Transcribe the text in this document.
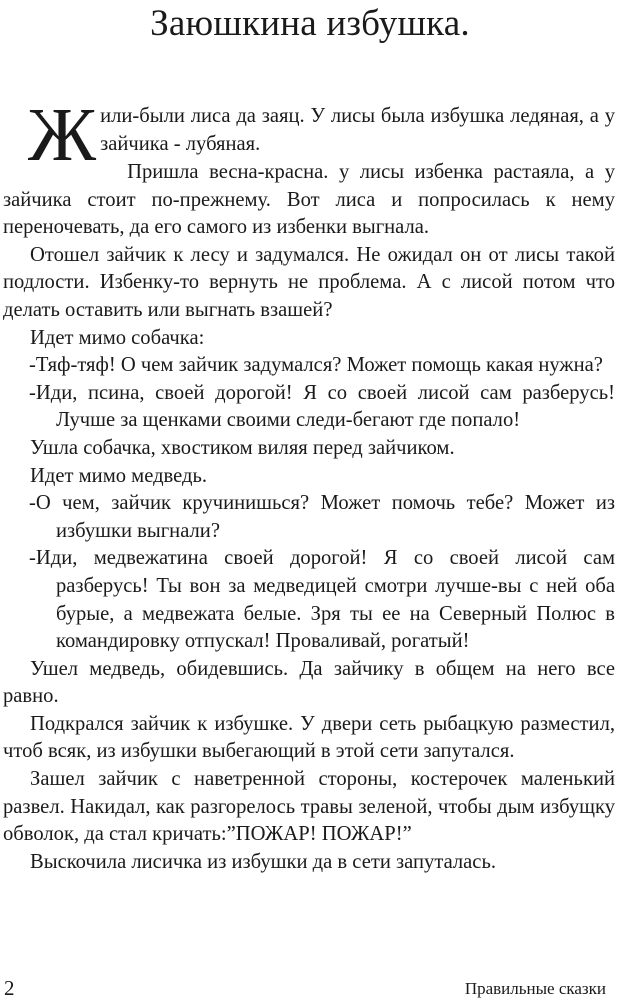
Заюшкина избушка.

Жили-были лиса да заяц. У лисы была избушка ледяная, а у зайчика - лубяная.

Пришла весна-красна. у лисы избенка растаяла, а у зайчика стоит по-прежнему. Вот лиса и попросилась к нему переночевать, да его самого из избенки выгнала.

Отошел зайчик к лесу и задумался. Не ожидал он от лисы такой подлости. Избенку-то вернуть не проблема. А с лисой потом что делать оставить или выгнать взашей?

Идет мимо собачка:

-Тяф-тяф! О чем зайчик задумался? Может помощь какая нужна?

-Иди, псина, своей дорогой! Я со своей лисой сам разберусь! Лучше за щенками своими следи-бегают где попало!

Ушла собачка, хвостиком виляя перед зайчиком.

Идет мимо медведь.

-О чем, зайчик кручинишься? Может помочь тебе? Может из избушки выгнали?

-Иди, медвежатина своей дорогой! Я со своей лисой сам разберусь! Ты вон за медведицей смотри лучше-вы с ней оба бурые, а медвежата белые. Зря ты ее на Северный Полюс в командировку отпускал! Проваливай, рогатый!

Ушел медведь, обидевшись. Да зайчику в общем на него все равно.

Подкрался зайчик к избушке. У двери сеть рыбацкую разместил, чтоб всяк, из избушки выбегающий в этой сети запутался.

Зашел зайчик с наветренной стороны, костерочек маленький развел. Накидал, как разгорелось травы зеленой, чтобы дым избущку обволок, да стал кричать:”ПОЖАР! ПОЖАР!”

Выскочила лисичка из избушки да в сети запуталась.

2	Правильные сказки
